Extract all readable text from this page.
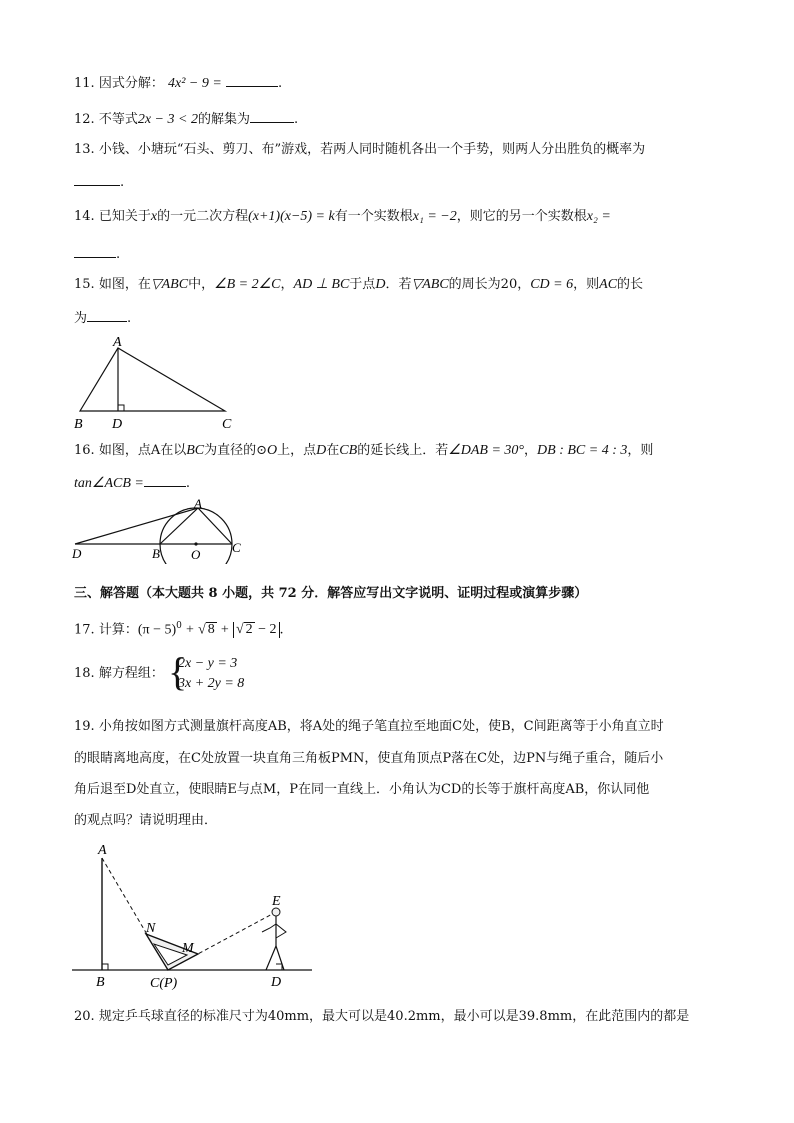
11. 因式分解： 4x² − 9 =	.
12. 不等式2x − 3 < 2的解集为	.
13. 小钱、小塘玩“石头、剪刀、布”游戏，若两人同时随机各出一个手势，则两人分出胜负的概率为
.
14. 已知关于x的一元二次方程(x+1)(x−5) = k有一个实数根x₁ = −2，则它的另一个实数根x₂ =
.
15. 如图，在▽ABC中，∠B = 2∠C，AD ⊥ BC于点D．若▽ABC的周长为20，CD = 6，则AC的长
为	.
A
B D	C
16. 如图，点A在以BC为直径的⊙O上，点D在CB的延长线上．若∠DAB = 30°，DB : BC = 4 : 3，则
tan∠ACB =	.
A
D	B O C
三、解答题（本大题共 8 小题，共 72 分．解答应写出文字说明、证明过程或演算步骤）
17. 计算：$(\pi - 5)^0$ + √ 8 + √ 2 − 2 .
18. 解方程组： {
2x − y = 3
3x + 2y = 8
19. 小角按如图方式测量旗杆高度AB，将A处的绳子笔直拉至地面C处，使B，C间距离等于小角直立时
的眼睛离地高度，在C处放置一块直角三角板PMN，使直角顶点P落在C处，边PN与绳子重合，随后小
角后退至D处直立，使眼睛E与点M，P在同一直线上．小角认为CD的长等于旗杆高度AB，你认同他
的观点吗？请说明理由．
A
N
M
E
B	C(P)	D
20. 规定乒乓球直径的标准尺寸为40mm，最大可以是40.2mm，最小可以是39.8mm，在此范围内的都是
